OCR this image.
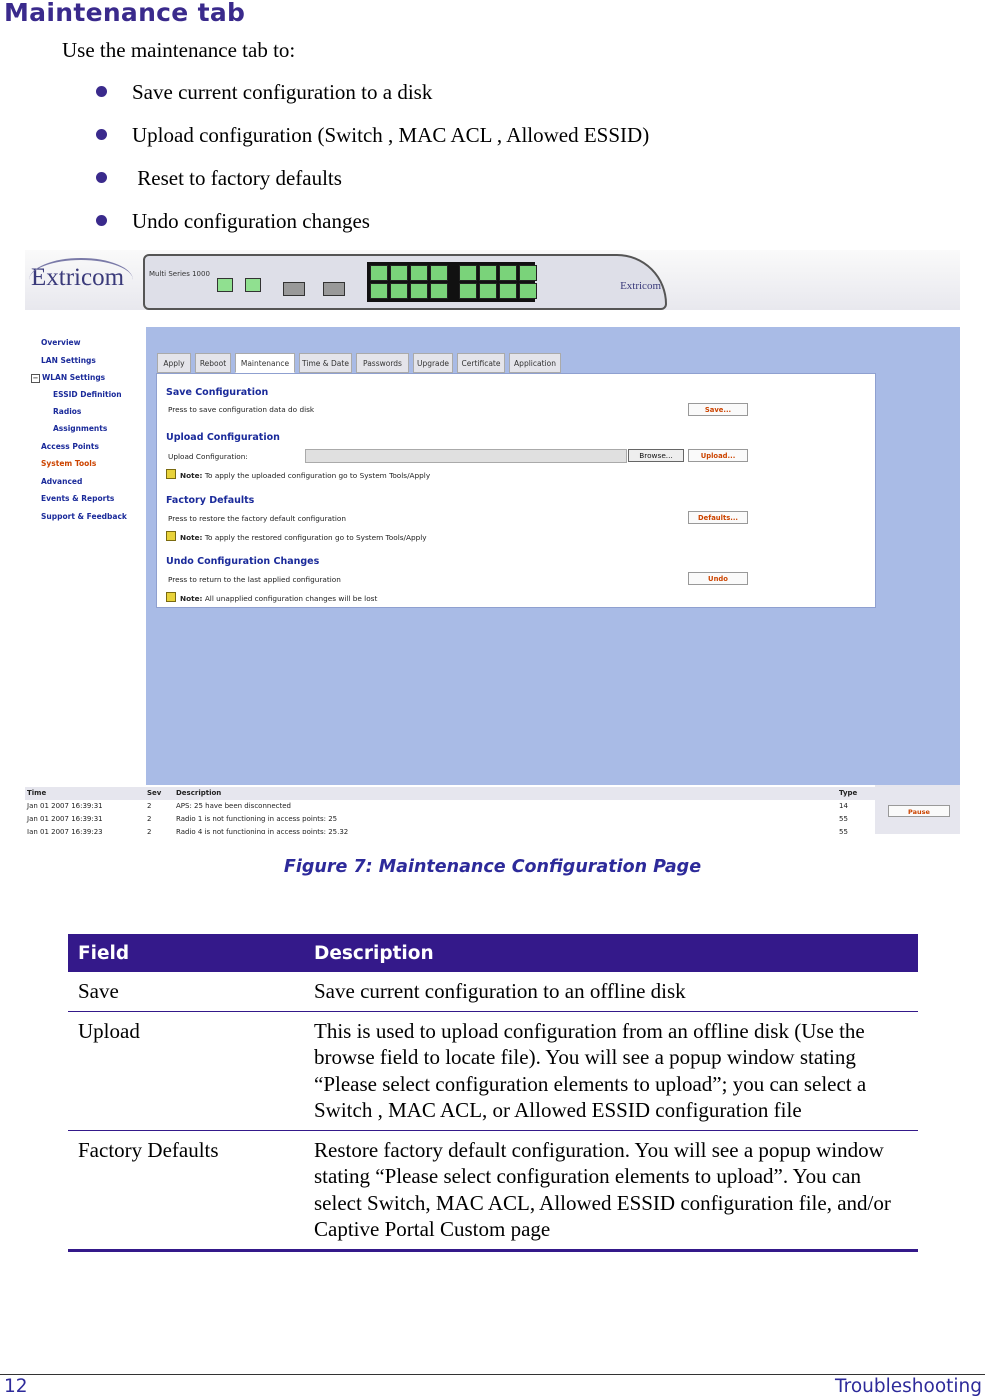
Maintenance tab
Use the maintenance tab to:
Save current configuration to a disk
Upload configuration (Switch , MAC ACL , Allowed ESSID)
Reset to factory defaults
Undo configuration changes
Extricom	Multi Series 1000
Extricom
Overview
LAN Settings
− WLAN Settings
ESSID Definition
Radios
Assignments
Access Points
System Tools
Advanced
Events & Reports
Support & Feedback
Apply	Reboot	Maintenance	Time & Date	Passwords	Upgrade	Certificate	Application
Save Configuration
Press to save configuration data do disk	Save...
Upload Configuration
Upload Configuration:	Browse...	Upload...
Note: To apply the uploaded configuration go to System Tools/Apply
Factory Defaults
Press to restore the factory default configuration	Defaults...
Note: To apply the restored configuration go to System Tools/Apply
Undo Configuration Changes
Press to return to the last applied configuration	Undo
Note: All unapplied configuration changes will be lost
Time	Sev Description	Type
Jan 01 2007 16:39:31	2	APS: 25 have been disconnected	14
Jan 01 2007 16:39:31	2	Radio 1 is not functioning in access points: 25	55
Jan 01 2007 16:39:23	2	Radio 4 is not functioning in access points: 25,32	55
Pause
Figure 7: Maintenance Configuration Page
Field	Description
Save	Save current configuration to an offline disk
Upload	This is used to upload configuration from an offline disk (Use the browse field to locate file). You will see a popup window stating “Please select configuration elements to upload”; you can select a Switch , MAC ACL, or Allowed ESSID configuration file
Factory Defaults	Restore factory default configuration. You will see a popup window stating “Please select configuration elements to upload”. You can select Switch, MAC ACL, Allowed ESSID configuration file, and/or Captive Portal Custom page
12	Troubleshooting
